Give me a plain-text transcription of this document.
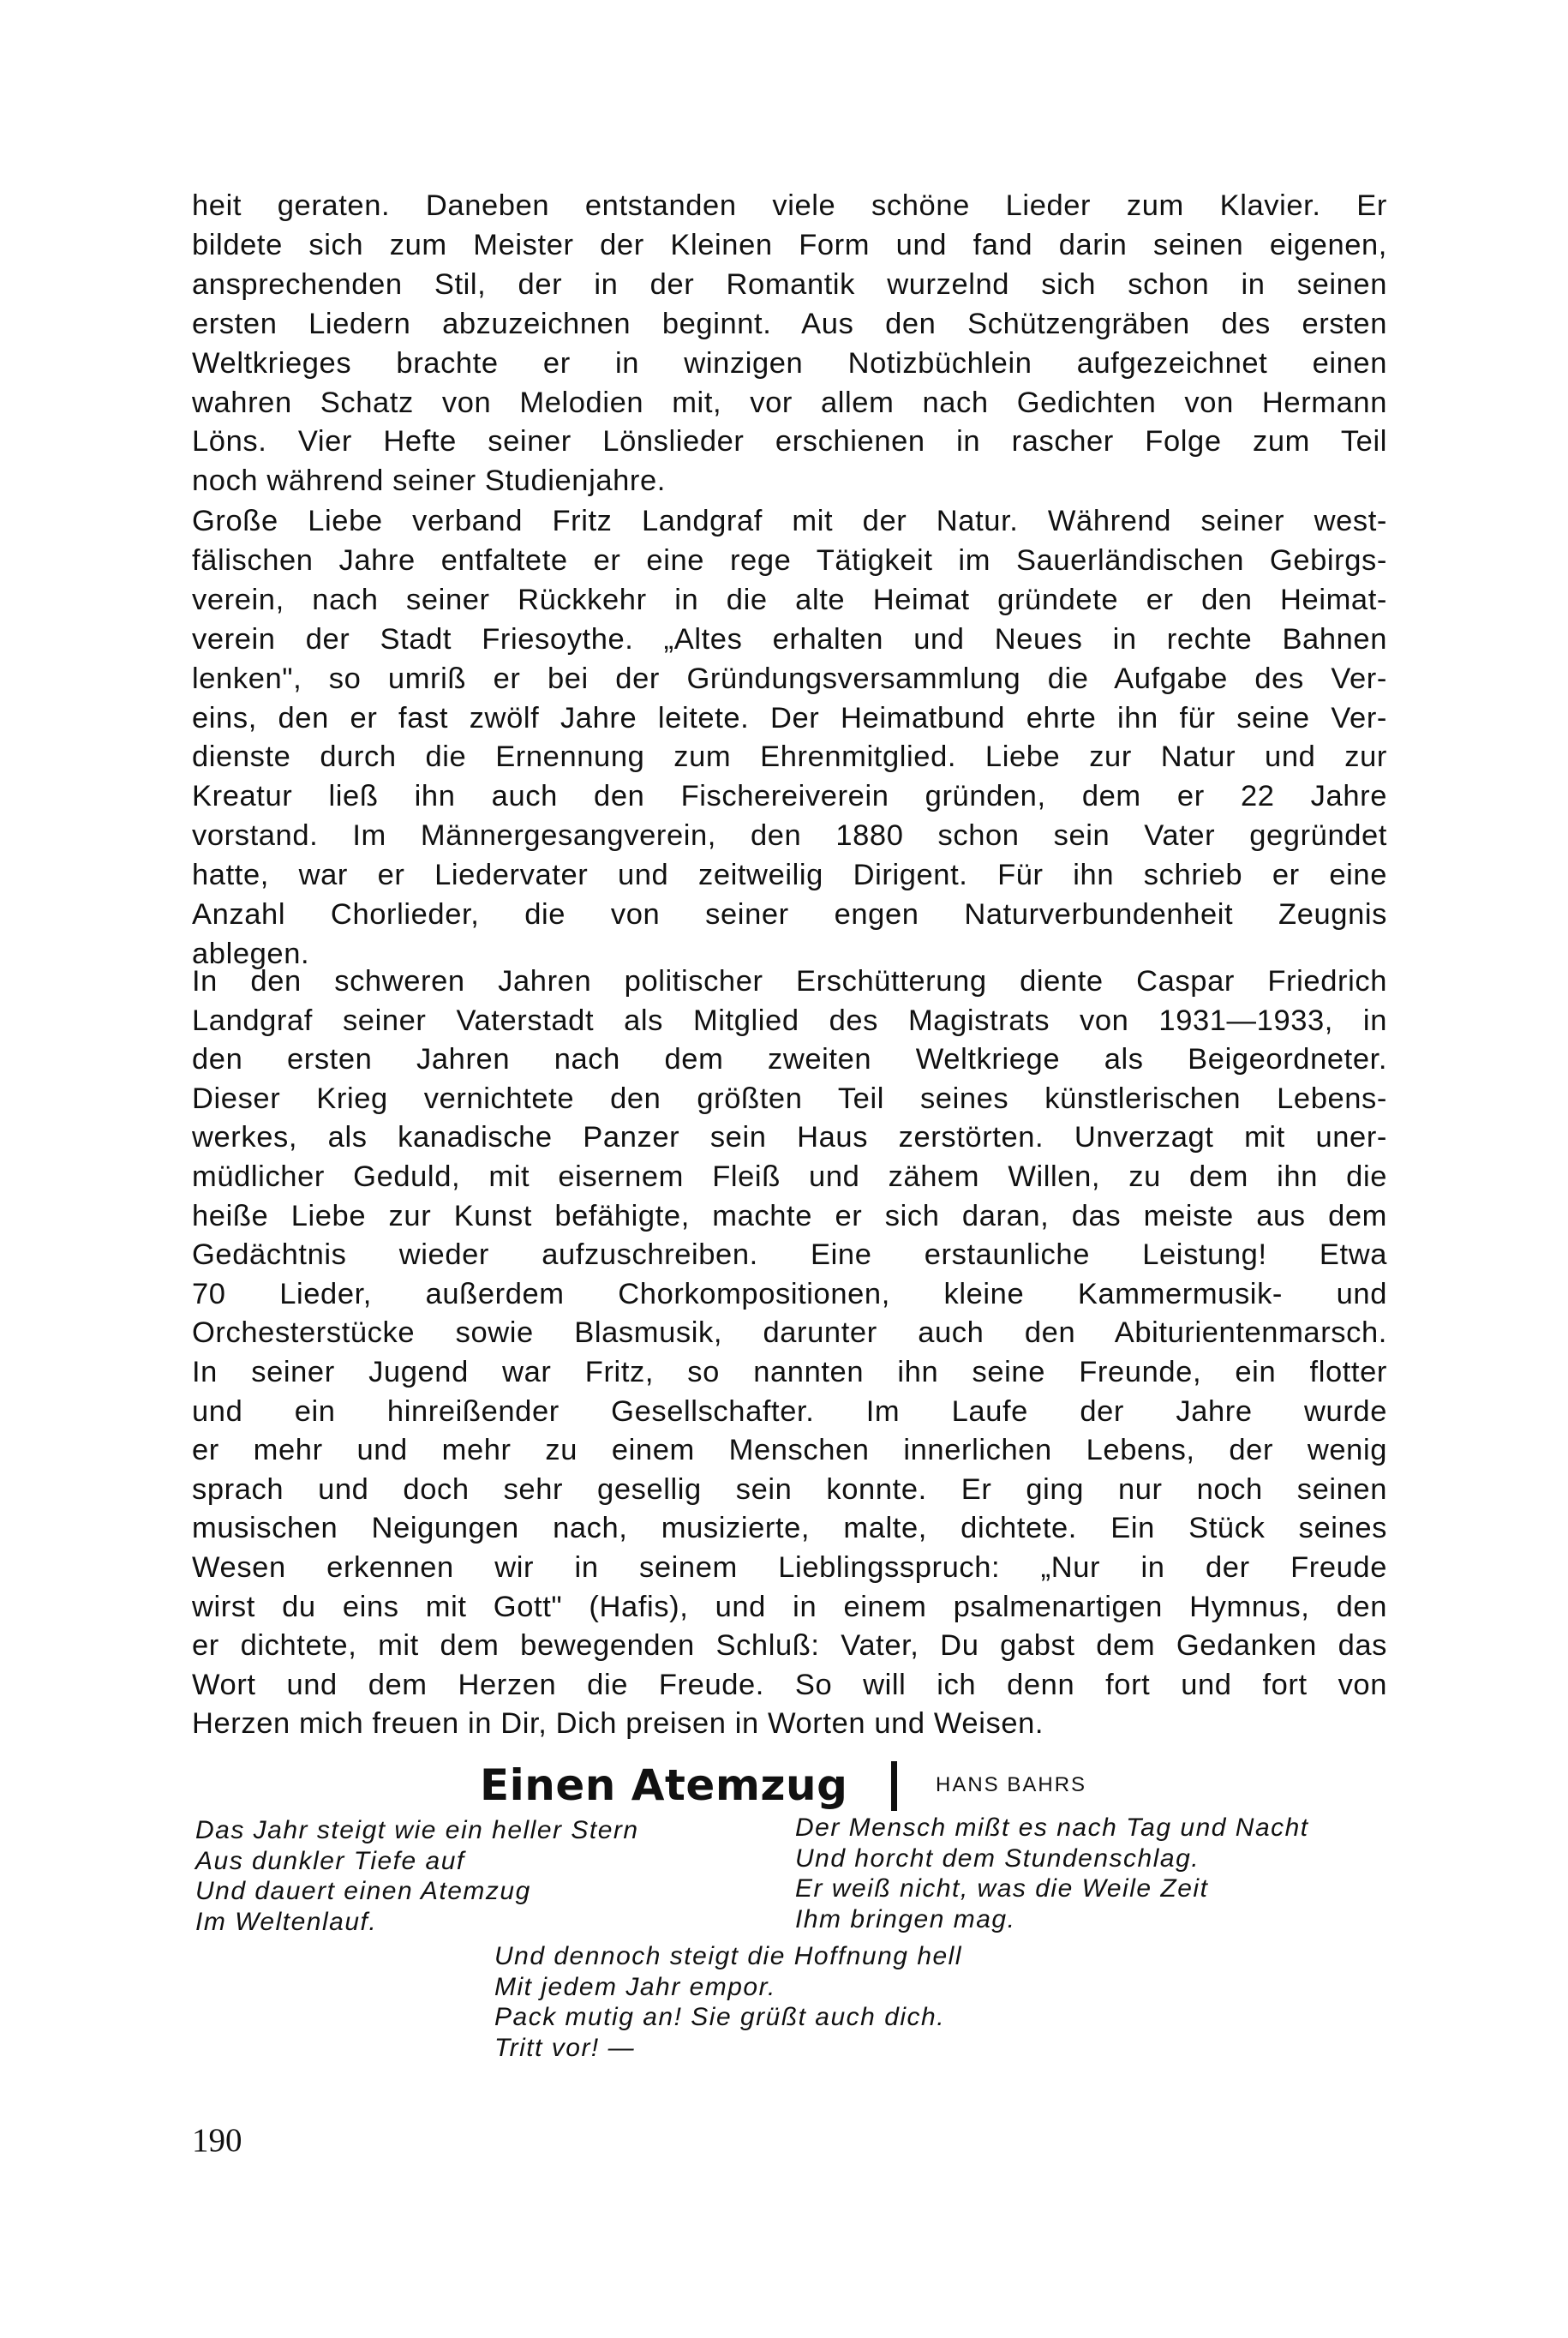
heit geraten. Daneben entstanden viele schöne Lieder zum Klavier. Er

bildete sich zum Meister der Kleinen Form und fand darin seinen eigenen,

ansprechenden Stil, der in der Romantik wurzelnd sich schon in seinen

ersten Liedern abzuzeichnen beginnt. Aus den Schützengräben des ersten

Weltkrieges brachte er in winzigen Notizbüchlein aufgezeichnet einen

wahren Schatz von Melodien mit, vor allem nach Gedichten von Hermann

Löns. Vier Hefte seiner Lönslieder erschienen in rascher Folge zum Teil

noch während seiner Studienjahre.

Große Liebe verband Fritz Landgraf mit der Natur. Während seiner west-

fälischen Jahre entfaltete er eine rege Tätigkeit im Sauerländischen Gebirgs-

verein, nach seiner Rückkehr in die alte Heimat gründete er den Heimat-

verein der Stadt Friesoythe. „Altes erhalten und Neues in rechte Bahnen

lenken", so umriß er bei der Gründungsversammlung die Aufgabe des Ver-

eins, den er fast zwölf Jahre leitete. Der Heimatbund ehrte ihn für seine Ver-

dienste durch die Ernennung zum Ehrenmitglied. Liebe zur Natur und zur

Kreatur ließ ihn auch den Fischereiverein gründen, dem er 22 Jahre

vorstand. Im Männergesangverein, den 1880 schon sein Vater gegründet

hatte, war er Liedervater und zeitweilig Dirigent. Für ihn schrieb er eine

Anzahl Chorlieder, die von seiner engen Naturverbundenheit Zeugnis

ablegen.

In den schweren Jahren politischer Erschütterung diente Caspar Friedrich

Landgraf seiner Vaterstadt als Mitglied des Magistrats von 1931—1933, in

den ersten Jahren nach dem zweiten Weltkriege als Beigeordneter.

Dieser Krieg vernichtete den größten Teil seines künstlerischen Lebens-

werkes, als kanadische Panzer sein Haus zerstörten. Unverzagt mit uner-

müdlicher Geduld, mit eisernem Fleiß und zähem Willen, zu dem ihn die

heiße Liebe zur Kunst befähigte, machte er sich daran, das meiste aus dem

Gedächtnis wieder aufzuschreiben. Eine erstaunliche Leistung! Etwa

70 Lieder, außerdem Chorkompositionen, kleine Kammermusik- und

Orchesterstücke sowie Blasmusik, darunter auch den Abiturientenmarsch.

In seiner Jugend war Fritz, so nannten ihn seine Freunde, ein flotter

und ein hinreißender Gesellschafter. Im Laufe der Jahre wurde

er mehr und mehr zu einem Menschen innerlichen Lebens, der wenig

sprach und doch sehr gesellig sein konnte. Er ging nur noch seinen

musischen Neigungen nach, musizierte, malte, dichtete. Ein Stück seines

Wesen erkennen wir in seinem Lieblingsspruch: „Nur in der Freude

wirst du eins mit Gott" (Hafis), und in einem psalmenartigen Hymnus, den

er dichtete, mit dem bewegenden Schluß: Vater, Du gabst dem Gedanken das

Wort und dem Herzen die Freude. So will ich denn fort und fort von

Herzen mich freuen in Dir, Dich preisen in Worten und Weisen.

Einen Atemzug	HANS BAHRS
Das Jahr steigt wie ein heller Stern
Aus dunkler Tiefe auf
Und dauert einen Atemzug
Im Weltenlauf.
Der Mensch mißt es nach Tag und Nacht
Und horcht dem Stundenschlag.
Er weiß nicht, was die Weile Zeit
Ihm bringen mag.
Und dennoch steigt die Hoffnung hell
Mit jedem Jahr empor.
Pack mutig an! Sie grüßt auch dich.
Tritt vor! —
190
